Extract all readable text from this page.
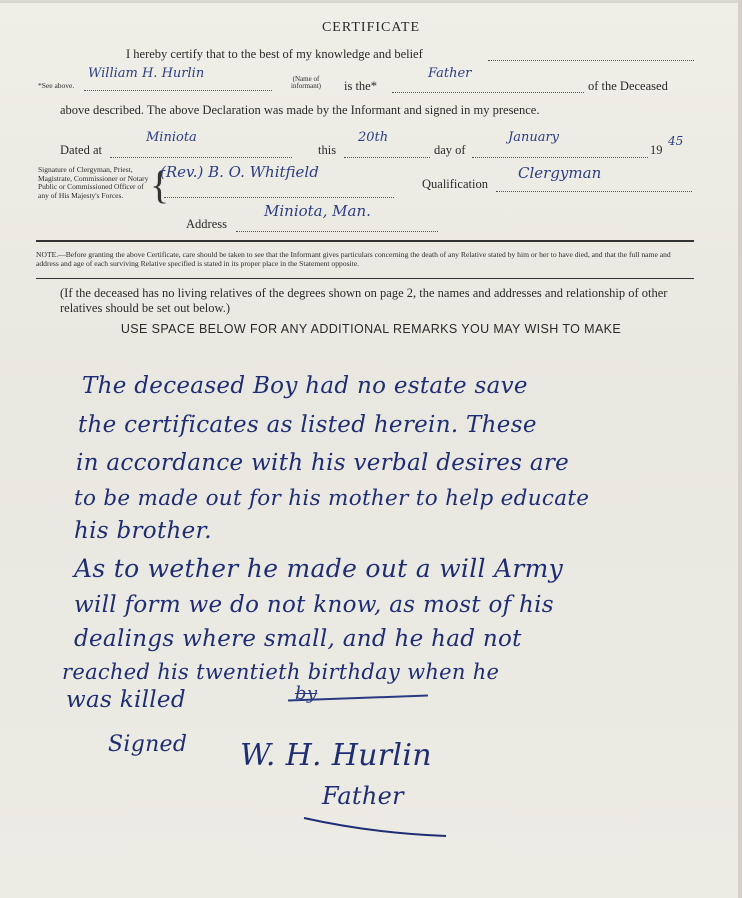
CERTIFICATE
I hereby certify that to the best of my knowledge and belief
*See above.
William H. Hurlin	(Name of informant)	is the*
Father
of the Deceased
above described. The above Declaration was made by the Informant and signed in my presence.
Dated at
Miniota
this
20th
day of
January
19
45
Signature of Clergyman, Priest, Magistrate, Commissioner or Notary Public or Commissioned Officer of any of His Majesty's Forces. {
(Rev.) B. O. Whitfield
Qualification
Clergyman
Address
Miniota, Man.
NOTE.—Before granting the above Certificate, care should be taken to see that the Informant gives particulars concerning the death of any Relative stated by him or her to have died, and that the full name and address and age of each surviving Relative specified is stated in its proper place in the Statement opposite.
(If the deceased has no living relatives of the degrees shown on page 2, the names and addresses and relationship of other relatives should be set out below.)
USE SPACE BELOW FOR ANY ADDITIONAL REMARKS YOU MAY WISH TO MAKE
The deceased Boy had no estate save
the certificates as listed herein. These
in accordance with his verbal desires are
to be made out for his mother to help educate
his brother.
As to wether he made out a will Army
will form we do not know, as most of his
dealings where small, and he had not
reached his twentieth birthday when he
was killed	by
Signed W. H. Hurlin
Father
